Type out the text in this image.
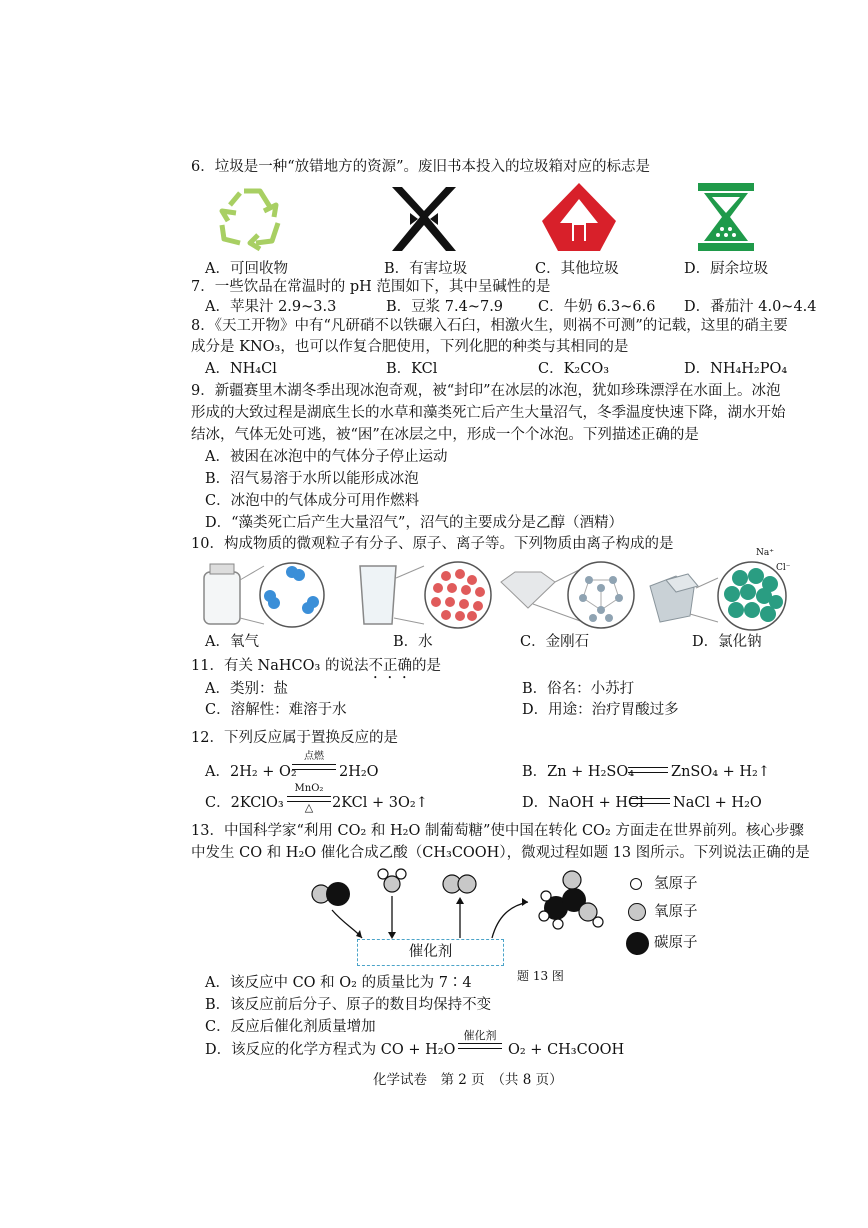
6．垃圾是一种“放错地方的资源”。废旧书本投入的垃圾箱对应的标志是
A．可回收物	B．有害垃圾	C．其他垃圾	D．厨余垃圾
7．一些饮品在常温时的 pH 范围如下，其中呈碱性的是
A．苹果汁 2.9~3.3	B．豆浆 7.4~7.9 C．牛奶 6.3~6.6 D．番茄汁 4.0~4.4
8．《天工开物》中有“凡研硝不以铁碾入石臼，相激火生，则祸不可测”的记载，这里的硝主要
成分是 KNO₃，也可以作复合肥使用，下列化肥的种类与其相同的是
A．NH₄Cl	B．KCl	C．K₂CO₃	D．NH₄H₂PO₄
9．新疆赛里木湖冬季出现冰泡奇观，被“封印”在冰层的冰泡，犹如珍珠漂浮在水面上。冰泡
形成的大致过程是湖底生长的水草和藻类死亡后产生大量沼气，冬季温度快速下降，湖水开始
结冰，气体无处可逃，被“困”在冰层之中，形成一个个冰泡。下列描述正确的是
A．被困在冰泡中的气体分子停止运动
B．沼气易溶于水所以能形成冰泡
C．冰泡中的气体成分可用作燃料
D．“藻类死亡后产生大量沼气”，沼气的主要成分是乙醇（酒精）
10．构成物质的微观粒子有分子、原子、离子等。下列物质由离子构成的是
Na⁺
Cl⁻
A．氧气	B．水	C．金刚石	D．氯化钠
11．有关 NaHCO₃ 的说法不正确的是
A．类别：盐	B．俗名：小苏打
C．溶解性：难溶于水	D．用途：治疗胃酸过多
12．下列反应属于置换反应的是
A．2H₂ + O₂
点燃
2H₂O	B．Zn + H₂SO₄	ZnSO₄ + H₂↑
C．2KClO₃
MnO₂
△	2KCl + 3O₂↑	D．NaOH + HCl NaCl + H₂O
13．中国科学家“利用 CO₂ 和 H₂O 制葡萄糖”使中国在转化 CO₂ 方面走在世界前列。核心步骤
中发生 CO 和 H₂O 催化合成乙酸（CH₃COOH），微观过程如题 13 图所示。下列说法正确的是
催化剂
题 13 图
氢原子
氧原子
碳原子
A．该反应中 CO 和 O₂ 的质量比为 7∶4
B．该反应前后分子、原子的数目均保持不变
C．反应后催化剂质量增加
D．该反应的化学方程式为 CO + H₂O
催化剂
O₂ + CH₃COOH
化学试卷　第 2 页　（共 8 页）
